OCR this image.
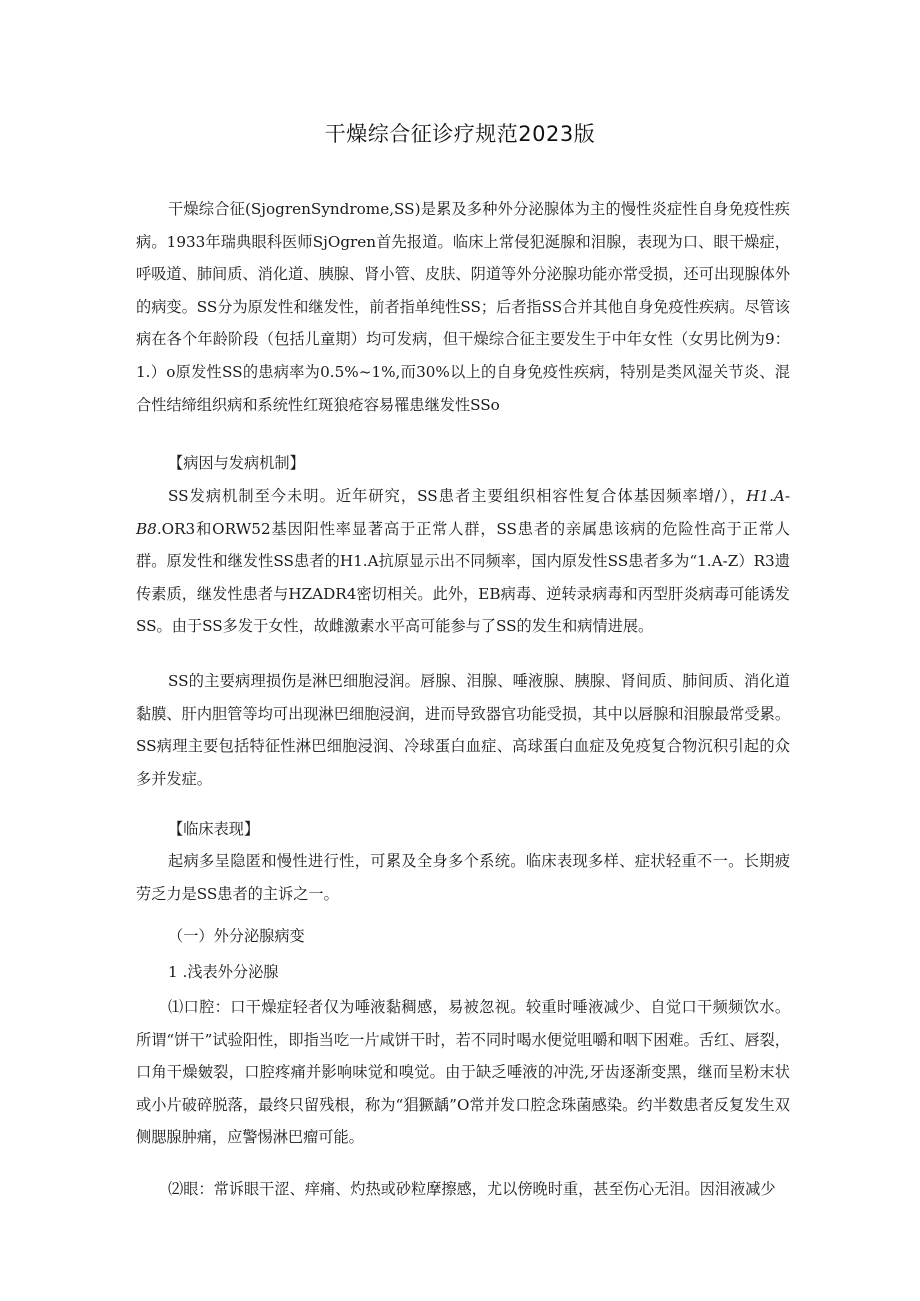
干燥综合征诊疗规范2023版

干燥综合征(SjogrenSyndrome,SS)是累及多种外分泌腺体为主的慢性炎症性自身免疫性疾病。1933年瑞典眼科医师SjOgren首先报道。临床上常侵犯涎腺和泪腺，表现为口、眼干燥症，呼吸道、肺间质、消化道、胰腺、肾小管、皮肤、阴道等外分泌腺功能亦常受损，还可出现腺体外的病变。SS分为原发性和继发性，前者指单纯性SS；后者指SS合并其他自身免疫性疾病。尽管该病在各个年龄阶段（包括儿童期）均可发病，但干燥综合征主要发生于中年女性（女男比例为9：1.）o原发性SS的患病率为0.5%~1%,而30%以上的自身免疫性疾病，特别是类风湿关节炎、混合性结缔组织病和系统性红斑狼疮容易罹患继发性SSo

【病因与发病机制】

SS发病机制至今未明。近年研究，SS患者主要组织相容性复合体基因频率增/），H1.A-B8.OR3和ORW52基因阳性率显著高于正常人群，SS患者的亲属患该病的危险性高于正常人群。原发性和继发性SS患者的H1.A抗原显示出不同频率，国内原发性SS患者多为“1.A-Z）R3遗传素质，继发性患者与HZADR4密切相关。此外，EB病毒、逆转录病毒和丙型肝炎病毒可能诱发SS。由于SS多发于女性，故雌激素水平高可能参与了SS的发生和病情进展。

SS的主要病理损伤是淋巴细胞浸润。唇腺、泪腺、唾液腺、胰腺、肾间质、肺间质、消化道黏膜、肝内胆管等均可出现淋巴细胞浸润，进而导致器官功能受损，其中以唇腺和泪腺最常受累。SS病理主要包括特征性淋巴细胞浸润、冷球蛋白血症、高球蛋白血症及免疫复合物沉积引起的众多并发症。

【临床表现】

起病多呈隐匿和慢性进行性，可累及全身多个系统。临床表现多样、症状轻重不一。长期疲劳乏力是SS患者的主诉之一。

（一）外分泌腺病变

1 .浅表外分泌腺

⑴口腔：口干燥症轻者仅为唾液黏稠感，易被忽视。较重时唾液减少、自觉口干频频饮水。所谓“饼干”试验阳性，即指当吃一片咸饼干时，若不同时喝水便觉咀嚼和咽下困难。舌红、唇裂，口角干燥皴裂，口腔疼痛并影响味觉和嗅觉。由于缺乏唾液的冲洗,牙齿逐渐变黑，继而呈粉末状或小片破碎脱落，最终只留残根，称为“猖獗龋”O常并发口腔念珠菌感染。约半数患者反复发生双侧腮腺肿痛，应警惕淋巴瘤可能。

⑵眼：常诉眼干涩、痒痛、灼热或砂粒摩擦感，尤以傍晚时重，甚至伤心无泪。因泪液减少
